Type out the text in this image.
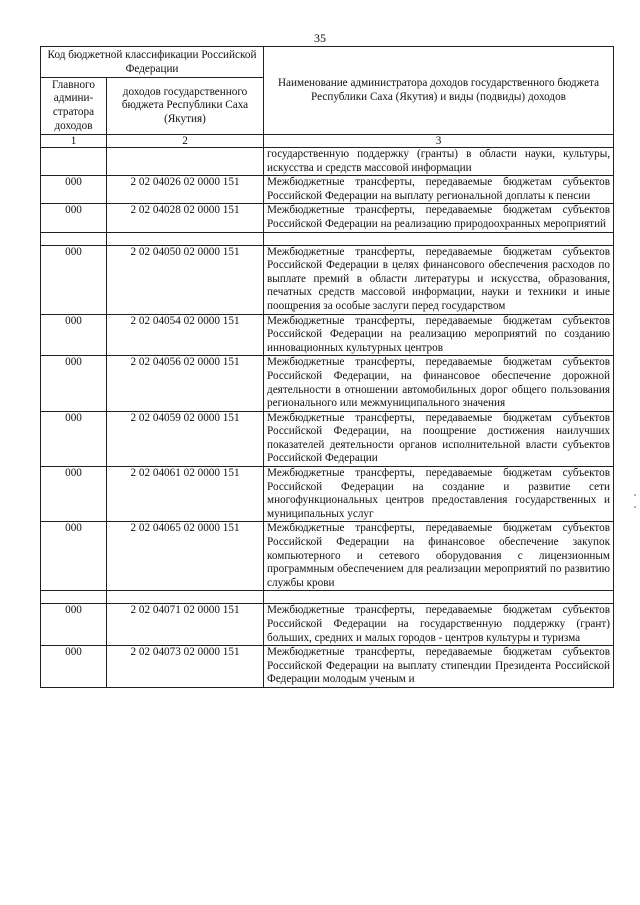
35
Код бюджетной классификации Российской Федерации		Наименование администратора доходов государственного бюджета Республики Саха (Якутия) и виды (подвиды) доходов
Главного админи-стратора доходов	доходов государственного бюджета Республики Саха (Якутия)	
1	2	3
		государственную поддержку (гранты) в области науки, культуры, искусства и средств массовой информации
000	2 02 04026 02 0000 151	Межбюджетные трансферты, передаваемые бюджетам субъектов Российской Федерации на выплату региональной доплаты к пенсии
000	2 02 04028 02 0000 151	Межбюджетные трансферты, передаваемые бюджетам субъектов Российской Федерации на реализацию природоохранных мероприятий

000	2 02 04050 02 0000 151	Межбюджетные трансферты, передаваемые бюджетам субъектов Российской Федерации в целях финансового обеспечения расходов по выплате премий в области литературы и искусства, образования, печатных средств массовой информации, науки и техники и иные поощрения за особые заслуги перед государством
000	2 02 04054 02 0000 151	Межбюджетные трансферты, передаваемые бюджетам субъектов Российской Федерации на реализацию мероприятий по созданию инновационных культурных центров
000	2 02 04056 02 0000 151	Межбюджетные трансферты, передаваемые бюджетам субъектов Российской Федерации, на финансовое обеспечение дорожной деятельности в отношении автомобильных дорог общего пользования регионального или межмуниципального значения
000	2 02 04059 02 0000 151	Межбюджетные трансферты, передаваемые бюджетам субъектов Российской Федерации, на поощрение достижения наилучших показателей деятельности органов исполнительной власти субъектов Российской Федерации
000	2 02 04061 02 0000 151	Межбюджетные трансферты, передаваемые бюджетам субъектов Российской Федерации на создание и развитие сети многофункциональных центров предоставления государственных и муниципальных услуг
000	2 02 04065 02 0000 151	Межбюджетные трансферты, передаваемые бюджетам субъектов Российской Федерации на финансовое обеспечение закупок компьютерного и сетевого оборудования с лицензионным программным обеспечением для реализации мероприятий по развитию службы крови

000	2 02 04071 02 0000 151	Межбюджетные трансферты, передаваемые бюджетам субъектов Российской Федерации на государственную поддержку (грант) больших, средних и малых городов - центров культуры и туризма
000	2 02 04073 02 0000 151	Межбюджетные трансферты, передаваемые бюджетам субъектов Российской Федерации на выплату стипендии Президента Российской Федерации молодым ученым и
